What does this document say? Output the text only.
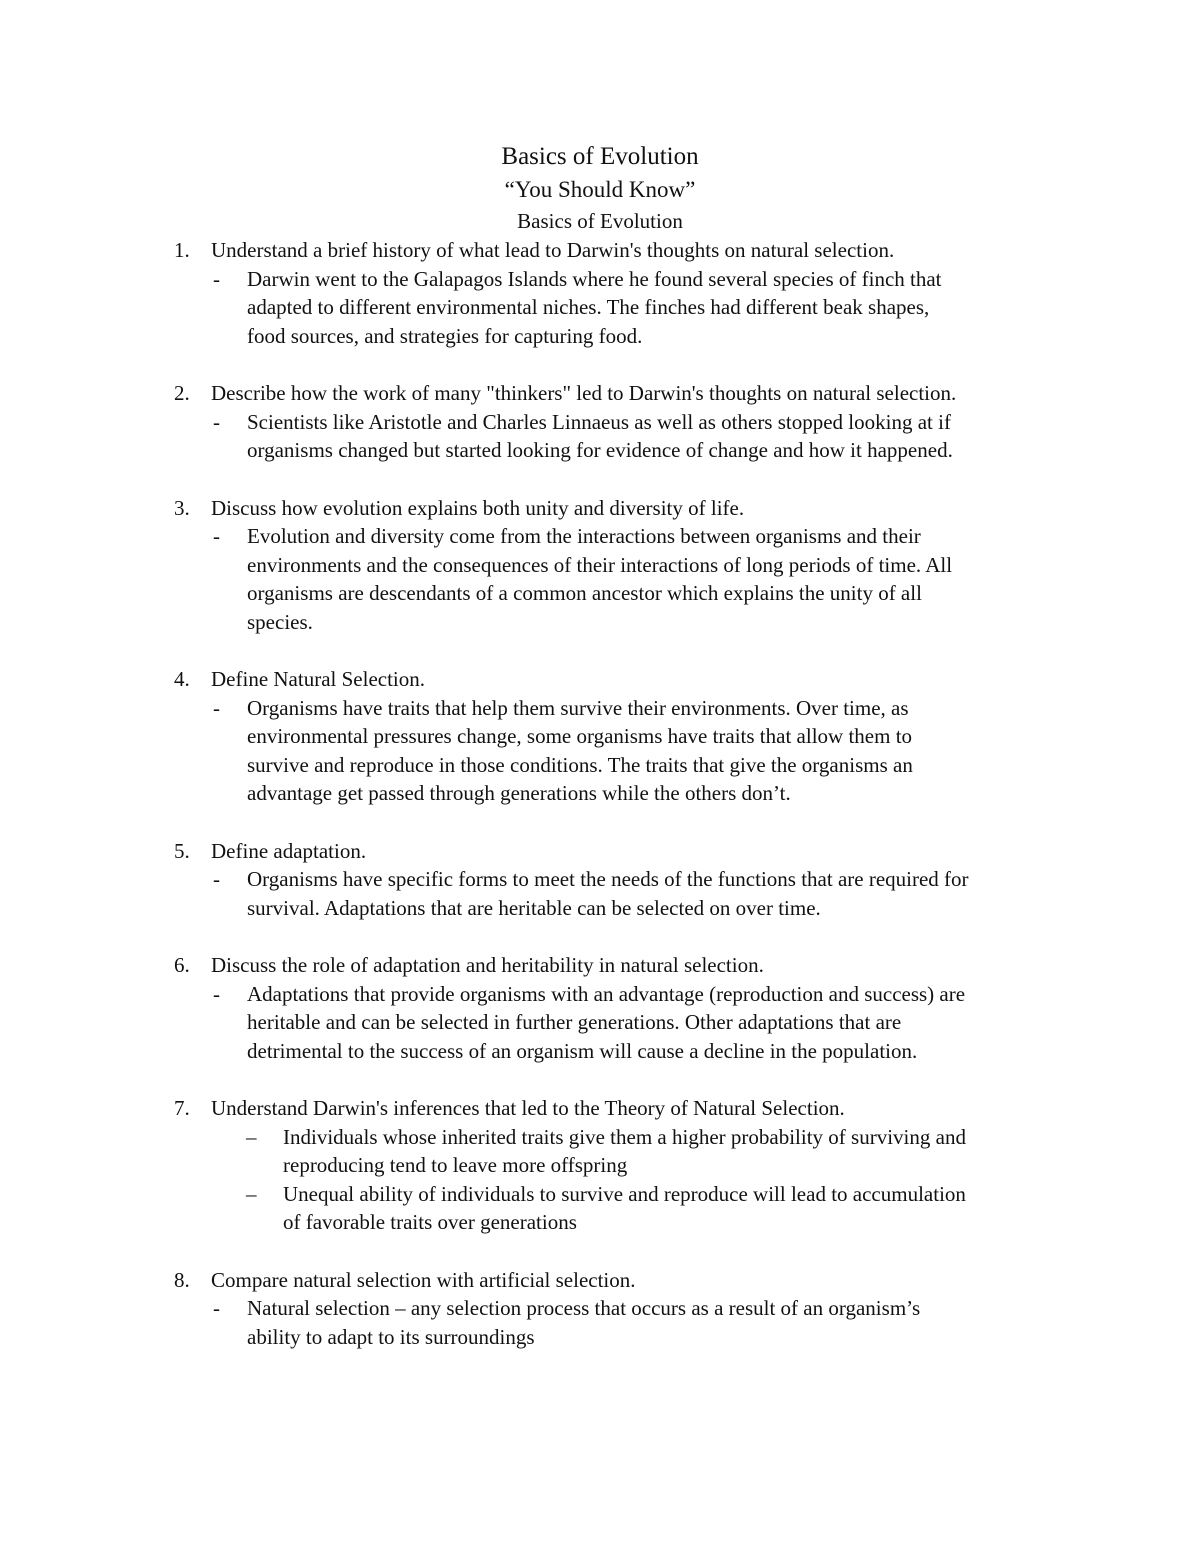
Basics of Evolution
“You Should Know”
Basics of Evolution
1. Understand a brief history of what lead to Darwin's thoughts on natural selection.
- Darwin went to the Galapagos Islands where he found several species of finch that
adapted to different environmental niches. The finches had different beak shapes,
food sources, and strategies for capturing food.
2. Describe how the work of many "thinkers" led to Darwin's thoughts on natural selection.
- Scientists like Aristotle and Charles Linnaeus as well as others stopped looking at if
organisms changed but started looking for evidence of change and how it happened.
3. Discuss how evolution explains both unity and diversity of life.
- Evolution and diversity come from the interactions between organisms and their
environments and the consequences of their interactions of long periods of time. All
organisms are descendants of a common ancestor which explains the unity of all
species.
4. Define Natural Selection.
- Organisms have traits that help them survive their environments. Over time, as
environmental pressures change, some organisms have traits that allow them to
survive and reproduce in those conditions. The traits that give the organisms an
advantage get passed through generations while the others don’t.
5. Define adaptation.
- Organisms have specific forms to meet the needs of the functions that are required for
survival. Adaptations that are heritable can be selected on over time.
6. Discuss the role of adaptation and heritability in natural selection.
- Adaptations that provide organisms with an advantage (reproduction and success) are
heritable and can be selected in further generations. Other adaptations that are
detrimental to the success of an organism will cause a decline in the population.
7. Understand Darwin's inferences that led to the Theory of Natural Selection.
– Individuals whose inherited traits give them a higher probability of surviving and
reproducing tend to leave more offspring
– Unequal ability of individuals to survive and reproduce will lead to accumulation
of favorable traits over generations
8. Compare natural selection with artificial selection.
- Natural selection – any selection process that occurs as a result of an organism’s
ability to adapt to its surroundings
